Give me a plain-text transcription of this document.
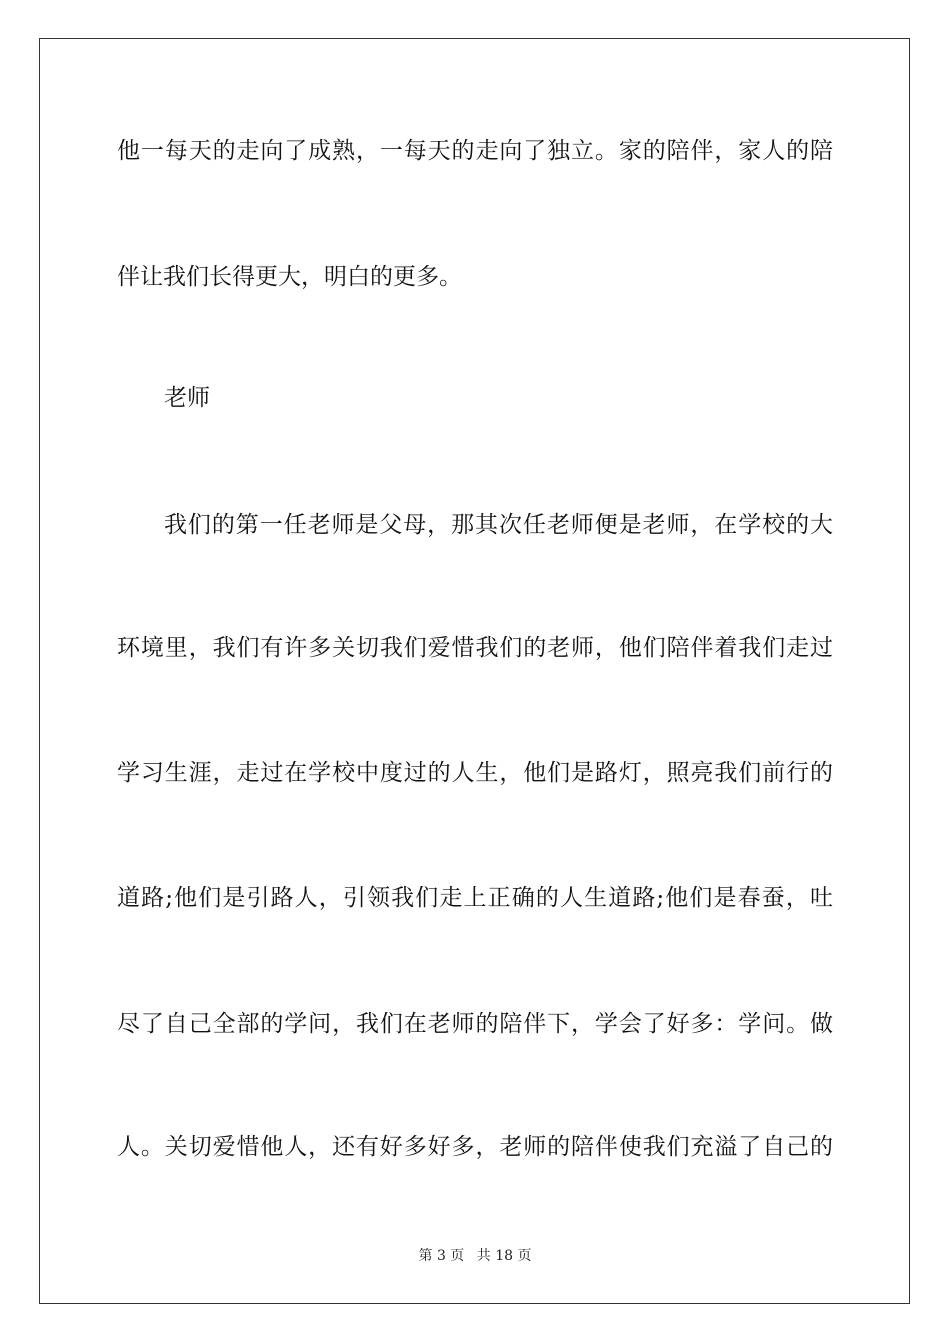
他一每天的走向了成熟，一每天的走向了独立。家的陪伴，家人的陪
伴让我们长得更大，明白的更多。
老师
我们的第一任老师是父母，那其次任老师便是老师，在学校的大
环境里，我们有许多关切我们爱惜我们的老师，他们陪伴着我们走过
学习生涯，走过在学校中度过的人生，他们是路灯，照亮我们前行的
道路;他们是引路人，引领我们走上正确的人生道路;他们是春蚕，吐
尽了自己全部的学问，我们在老师的陪伴下，学会了好多：学问。做
人。关切爱惜他人，还有好多好多，老师的陪伴使我们充溢了自己的
第 3 页 共 18 页
